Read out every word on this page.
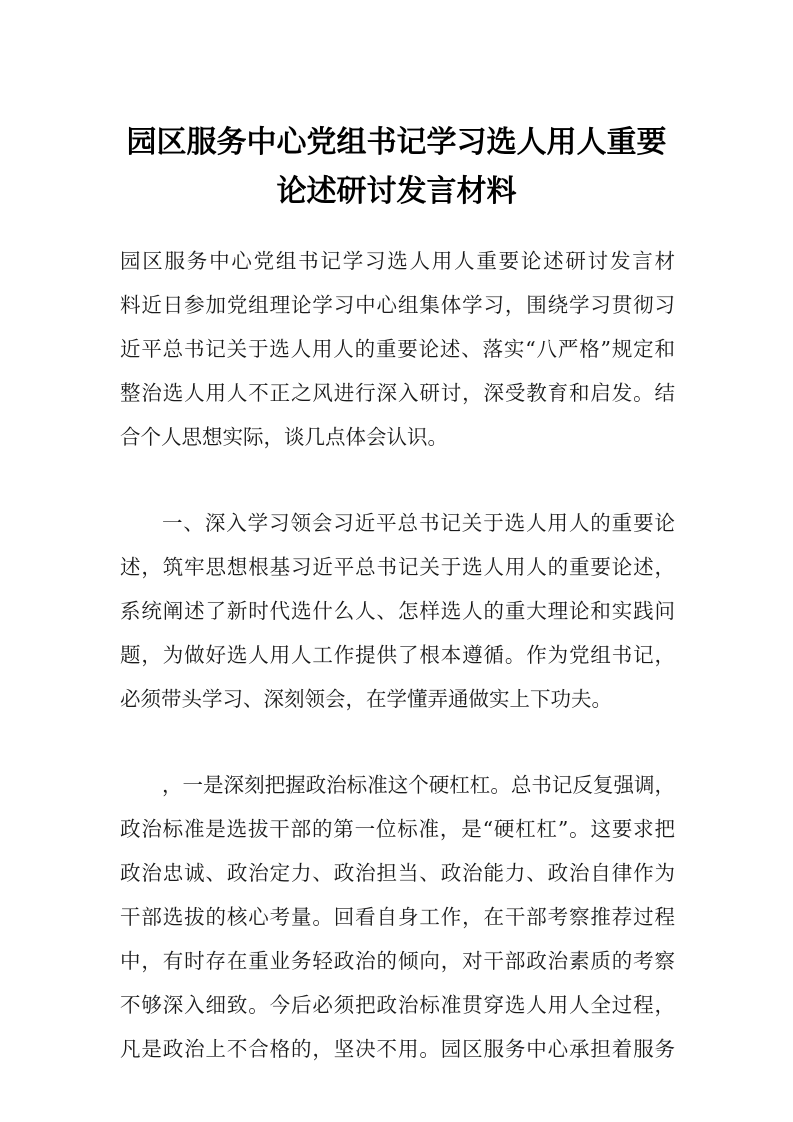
园区服务中心党组书记学习选人用人重要
论述研讨发言材料

园区服务中心党组书记学习选人用人重要论述研讨发言材

料近日参加党组理论学习中心组集体学习，围绕学习贯彻习

近平总书记关于选人用人的重要论述、落实“八严格”规定和

整治选人用人不正之风进行深入研讨，深受教育和启发。结

合个人思想实际，谈几点体会认识。

一、深入学习领会习近平总书记关于选人用人的重要论

述，筑牢思想根基习近平总书记关于选人用人的重要论述，

系统阐述了新时代选什么人、怎样选人的重大理论和实践问

题，为做好选人用人工作提供了根本遵循。作为党组书记，

必须带头学习、深刻领会，在学懂弄通做实上下功夫。

，一是深刻把握政治标准这个硬杠杠。总书记反复强调，

政治标准是选拔干部的第一位标准，是“硬杠杠”。这要求把

政治忠诚、政治定力、政治担当、政治能力、政治自律作为

干部选拔的核心考量。回看自身工作，在干部考察推荐过程

中，有时存在重业务轻政治的倾向，对干部政治素质的考察

不够深入细致。今后必须把政治标准贯穿选人用人全过程，

凡是政治上不合格的，坚决不用。园区服务中心承担着服务
